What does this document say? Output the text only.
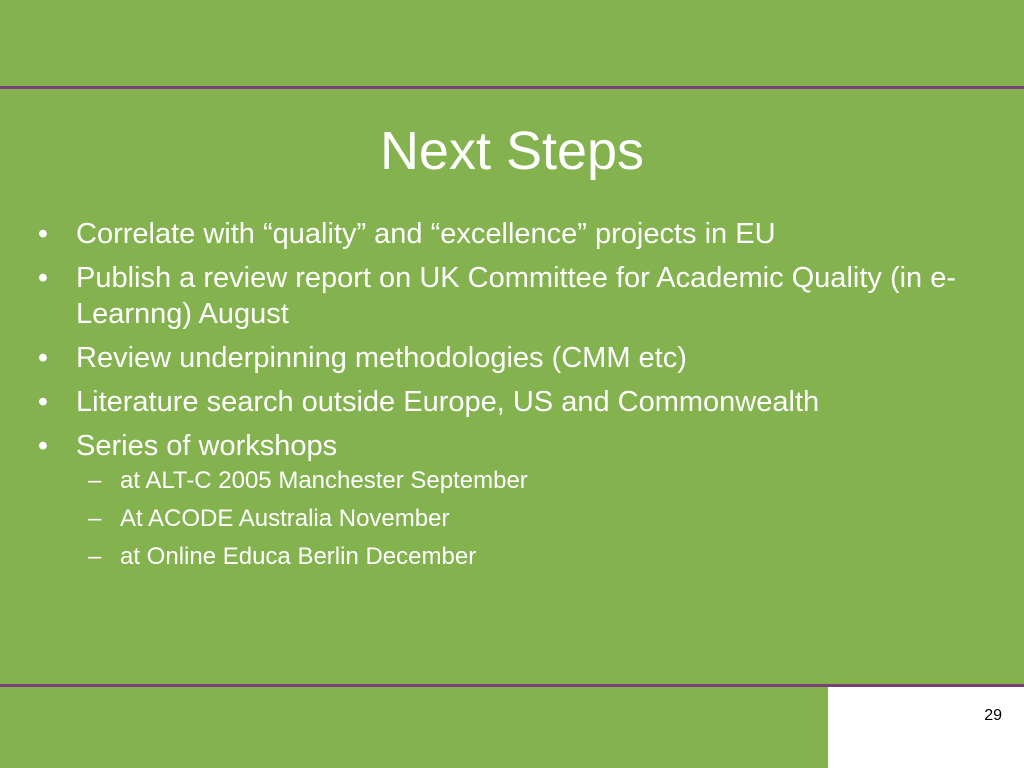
Next Steps
• Correlate with “quality” and “excellence” projects in EU
• Publish a review report on UK Committee for Academic Quality (in e-Learnng) August
• Review underpinning methodologies (CMM etc)
• Literature search outside Europe, US and Commonwealth
• Series of workshops
– at ALT-C 2005 Manchester September
– At ACODE Australia November
– at Online Educa Berlin December
29
